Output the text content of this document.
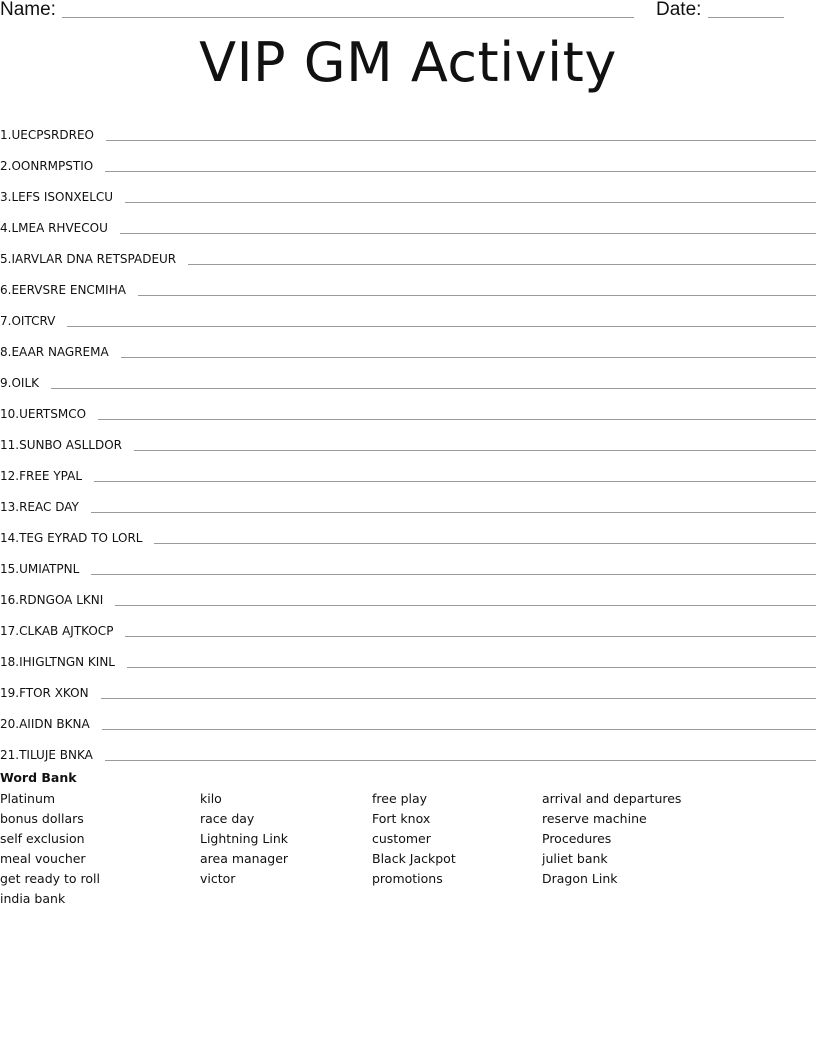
Name:	Date:
VIP GM Activity
1. UECPSRDREO
2. OONRMPSTIO
3. LEFS ISONXELCU
4. LMEA RHVECOU
5. IARVLAR DNA RETSPADEUR
6. EERVSRE ENCMIHA
7. OITCRV
8. EAAR NAGREMA
9. OILK
10. UERTSMCO
11. SUNBO ASLLDOR
12. FREE YPAL
13. REAC DAY
14. TEG EYRAD TO LORL
15. UMIATPNL
16. RDNGOA LKNI
17. CLKAB AJTKOCP
18. IHIGLTNGN KINL
19. FTOR XKON
20. AIIDN BKNA
21. TILUJE BNKA
Word Bank
Platinum
bonus dollars
self exclusion
meal voucher
get ready to roll
india bank
kilo
race day
Lightning Link
area manager
victor
free play
Fort knox
customer
Black Jackpot
promotions
arrival and departures
reserve machine
Procedures
juliet bank
Dragon Link
